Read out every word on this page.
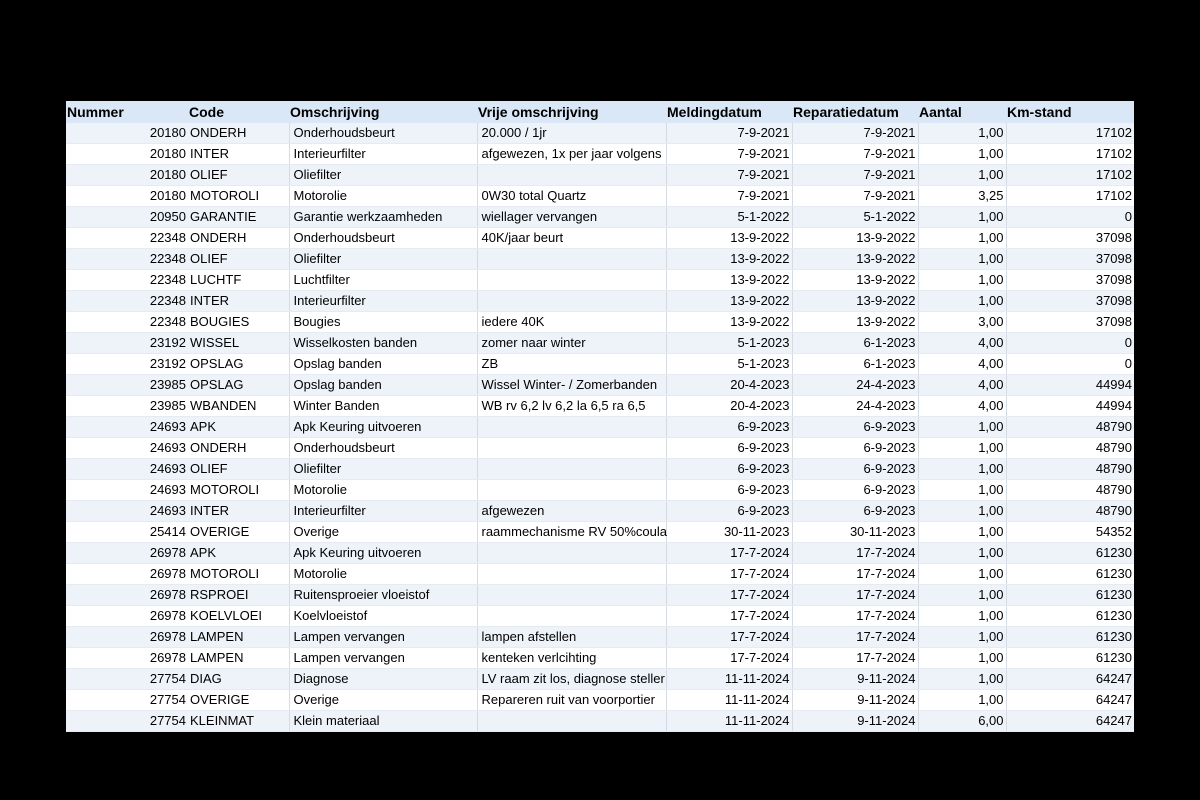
Nummer	Code	Omschrijving	Vrije omschrijving	Meldingdatum	Reparatiedatum	Aantal	Km-stand
20180	ONDERH	Onderhoudsbeurt	20.000 / 1jr	7-9-2021	7-9-2021	1,00	17102
20180	INTER	Interieurfilter	afgewezen, 1x per jaar volgens	7-9-2021	7-9-2021	1,00	17102
20180	OLIEF	Oliefilter		7-9-2021	7-9-2021	1,00	17102
20180	MOTOROLI	Motorolie	0W30 total Quartz	7-9-2021	7-9-2021	3,25	17102
20950	GARANTIE	Garantie werkzaamheden	wiellager vervangen	5-1-2022	5-1-2022	1,00	0
22348	ONDERH	Onderhoudsbeurt	40K/jaar beurt	13-9-2022	13-9-2022	1,00	37098
22348	OLIEF	Oliefilter		13-9-2022	13-9-2022	1,00	37098
22348	LUCHTF	Luchtfilter		13-9-2022	13-9-2022	1,00	37098
22348	INTER	Interieurfilter		13-9-2022	13-9-2022	1,00	37098
22348	BOUGIES	Bougies	iedere 40K	13-9-2022	13-9-2022	3,00	37098
23192	WISSEL	Wisselkosten banden	zomer naar winter	5-1-2023	6-1-2023	4,00	0
23192	OPSLAG	Opslag banden	ZB	5-1-2023	6-1-2023	4,00	0
23985	OPSLAG	Opslag banden	Wissel Winter- / Zomerbanden	20-4-2023	24-4-2023	4,00	44994
23985	WBANDEN	Winter Banden	WB rv 6,2 lv 6,2 la 6,5 ra 6,5	20-4-2023	24-4-2023	4,00	44994
24693	APK	Apk Keuring uitvoeren		6-9-2023	6-9-2023	1,00	48790
24693	ONDERH	Onderhoudsbeurt		6-9-2023	6-9-2023	1,00	48790
24693	OLIEF	Oliefilter		6-9-2023	6-9-2023	1,00	48790
24693	MOTOROLI	Motorolie		6-9-2023	6-9-2023	1,00	48790
24693	INTER	Interieurfilter	afgewezen	6-9-2023	6-9-2023	1,00	48790
25414	OVERIGE	Overige	raammechanisme RV 50%coula	30-11-2023	30-11-2023	1,00	54352
26978	APK	Apk Keuring uitvoeren		17-7-2024	17-7-2024	1,00	61230
26978	MOTOROLI	Motorolie		17-7-2024	17-7-2024	1,00	61230
26978	RSPROEI	Ruitensproeier vloeistof		17-7-2024	17-7-2024	1,00	61230
26978	KOELVLOEI	Koelvloeistof		17-7-2024	17-7-2024	1,00	61230
26978	LAMPEN	Lampen vervangen	lampen afstellen	17-7-2024	17-7-2024	1,00	61230
26978	LAMPEN	Lampen vervangen	kenteken verlcihting	17-7-2024	17-7-2024	1,00	61230
27754	DIAG	Diagnose	LV raam zit los, diagnose steller	11-11-2024	9-11-2024	1,00	64247
27754	OVERIGE	Overige	Repareren ruit van voorportier	11-11-2024	9-11-2024	1,00	64247
27754	KLEINMAT	Klein materiaal		11-11-2024	9-11-2024	6,00	64247
